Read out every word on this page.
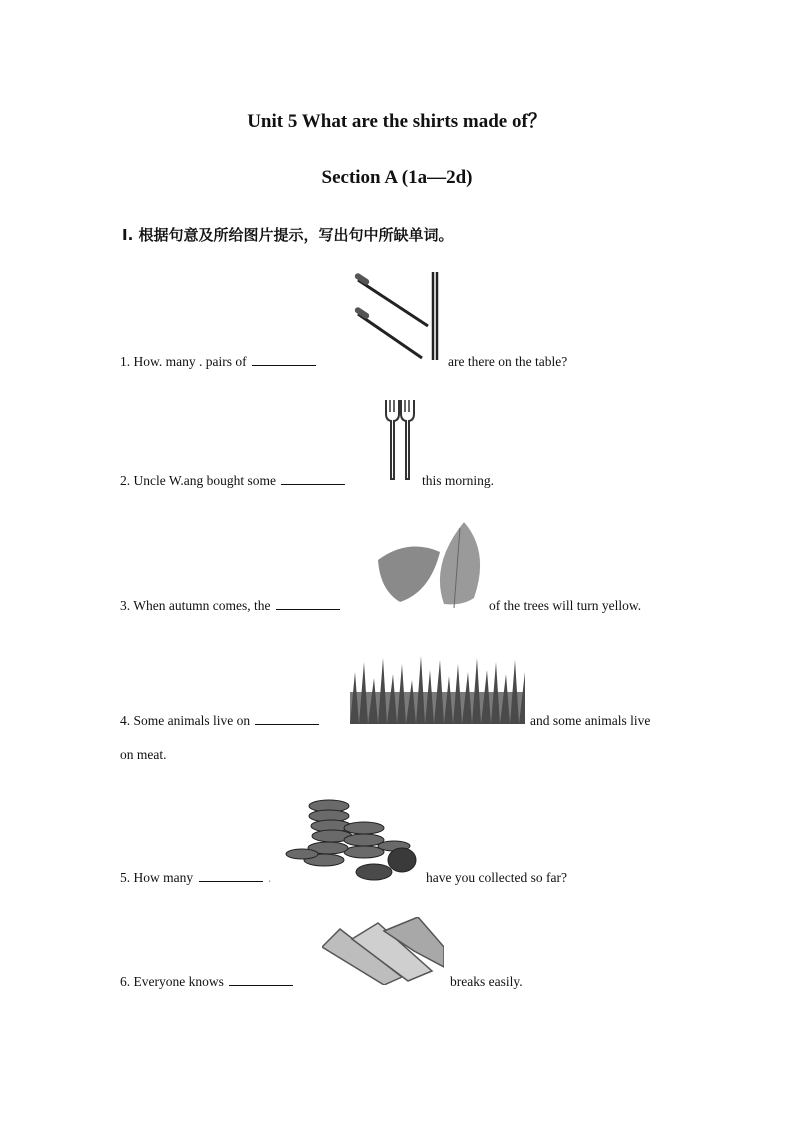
Unit 5 What are the shirts made of？
Section A (1a—2d)
Ⅰ. 根据句意及所给图片提示，写出句中所缺单词。
1. How. many . pairs of	are there on the table?
2. Uncle W.ang bought some	this morning.
3. When autumn comes, the	of the trees will turn yellow.
4. Some animals live on	and some animals live
on meat.
5. How many	.	have you collected so far?
6. Everyone knows	breaks easily.
